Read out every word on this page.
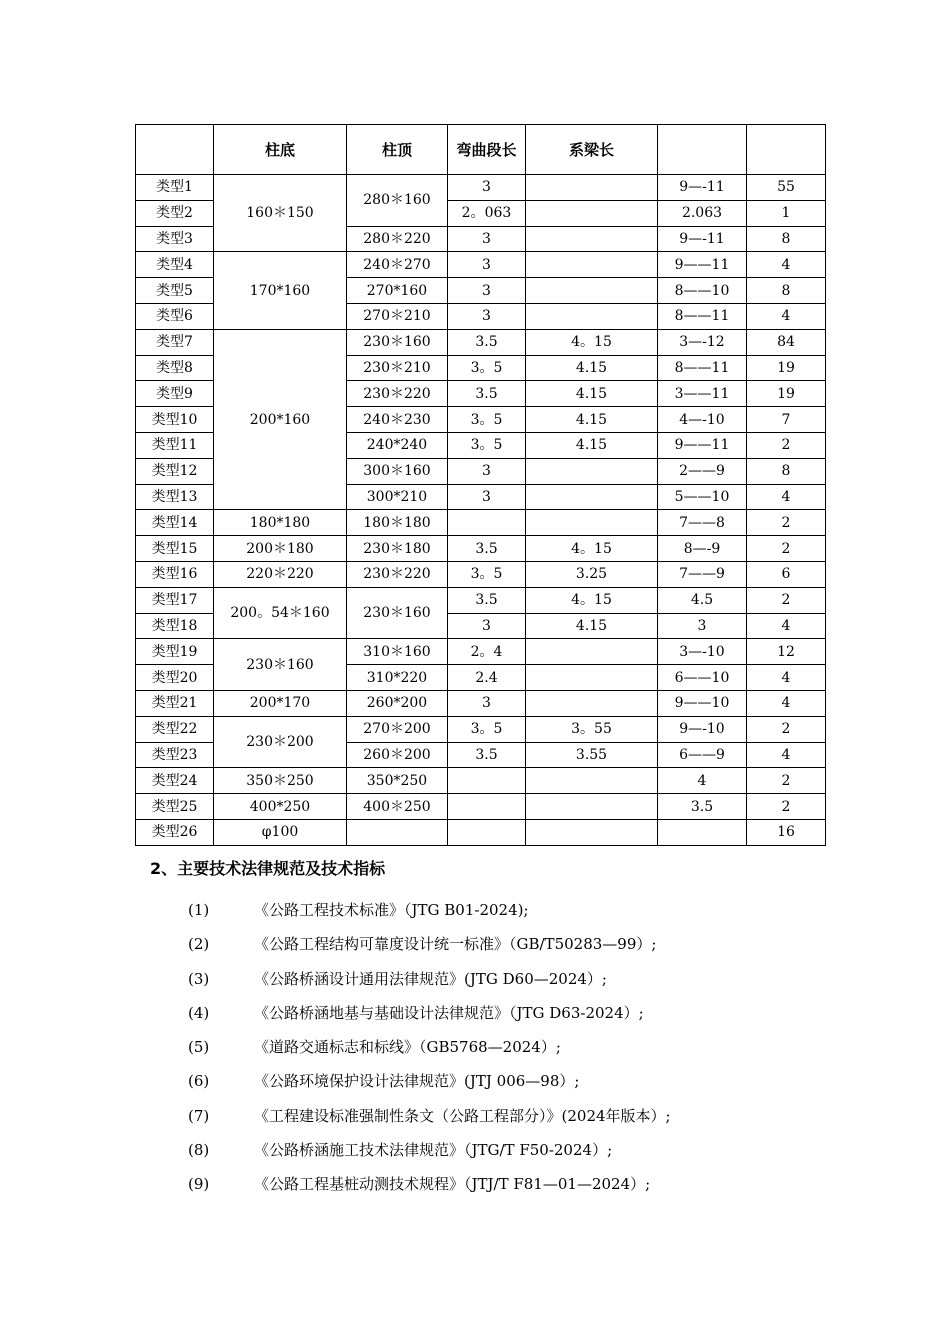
	柱底	柱顶	弯曲段长	系梁长		
类型1	160＊150	280＊160	3		9—-11	55
类型2			2。063		2.063	1
类型3		280＊220	3		9—-11	8
类型4	170*160	240＊270	3		9——11	4
类型5		270*160	3		8——10	8
类型6		270＊210	3		8——11	4
类型7	200*160	230＊160	3.5	4。15	3—-12	84
类型8		230＊210	3。5	4.15	8——11	19
类型9		230＊220	3.5	4.15	3——11	19
类型10		240＊230	3。5	4.15	4—-10	7
类型11		240*240	3。5	4.15	9——11	2
类型12		300＊160	3		2——9	8
类型13		300*210	3		5——10	4
类型14	180*180	180＊180			7——8	2
类型15	200＊180	230＊180	3.5	4。15	8—-9	2
类型16	220＊220	230＊220	3。5	3.25	7——9	6
类型17	200。54＊160	230＊160	3.5	4。15	4.5	2
类型18			3	4.15	3	4
类型19	230＊160	310＊160	2。4		3—-10	12
类型20		310*220	2.4		6——10	4
类型21	200*170	260*200	3		9——10	4
类型22	230＊200	270＊200	3。5	3。55	9—-10	2
类型23		260＊200	3.5	3.55	6——9	4
类型24	350＊250	350*250			4	2
类型25	400*250	400＊250			3.5	2
类型26	φ100					16
2、主要技术法律规范及技术指标
(1)	《公路工程技术标准》（JTG B01-2024);
(2)	《公路工程结构可靠度设计统一标准》（GB/T50283—99）;
(3)	《公路桥涵设计通用法律规范》(JTG D60—2024）;
(4)	《公路桥涵地基与基础设计法律规范》（JTG D63-2024）;
(5)	《道路交通标志和标线》（GB5768—2024）;
(6)	《公路环境保护设计法律规范》(JTJ 006—98）;
(7)	《工程建设标准强制性条文（公路工程部分）》(2024年版本）;
(8)	《公路桥涵施工技术法律规范》（JTG/T F50-2024）;
(9)	《公路工程基桩动测技术规程》（JTJ/T F81—01—2024）;
